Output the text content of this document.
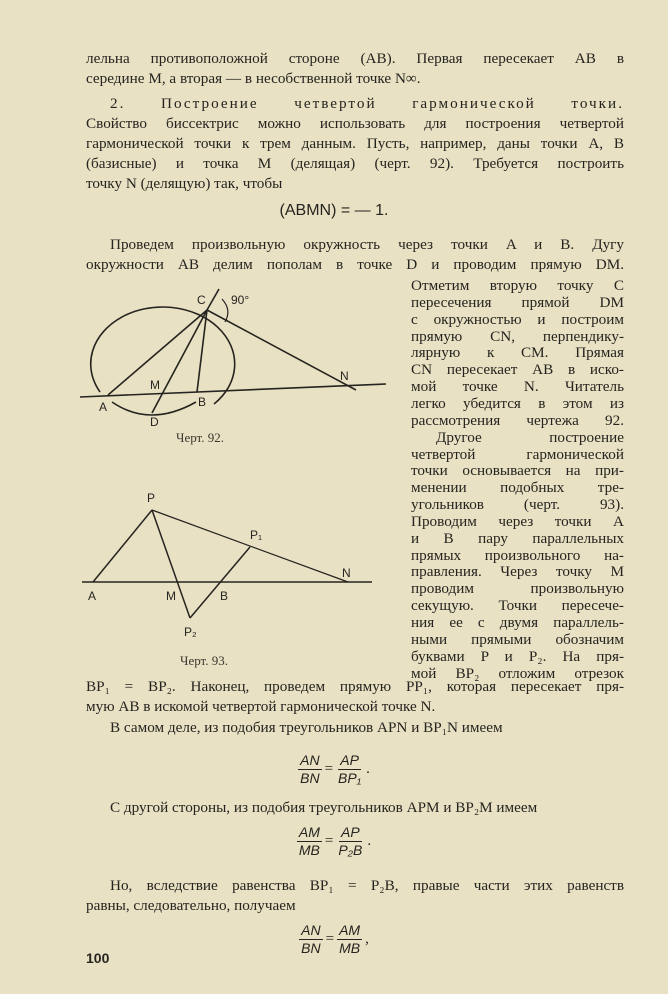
лельна противоположной стороне (AB). Первая пересекает AB в
середине M, а вторая — в несобственной точке N∞.
2. Построение четвертой гармонической точки.
Свойство биссектрис можно использовать для построения четвертой
гармонической точки к трем данным. Пусть, например, даны точки A, B
(базисные) и точка M (делящая) (черт. 92). Требуется построить
точку N (делящую) так, чтобы
(ABMN) = — 1.
Проведем произвольную окружность через точки A и B. Дугу
окружности AB делим пополам в точке D и проводим прямую DM.
Отметим вторую точку C
пересечения прямой DM
с окружностью и построим
прямую CN, перпендику-
лярную к CM. Прямая
CN пересекает AB в иско-
мой точке N. Читатель
легко убедится в этом из
рассмотрения чертежа 92.
Другое построение
четвертой гармонической
точки основывается на при-
менении подобных тре-
угольников (черт. 93).
Проводим через точки A
и B пару параллельных
прямых произвольного на-
правления. Через точку M
проводим произвольную
секущую. Точки пересече-
ния ее с двумя параллель-
ными прямыми обозначим
буквами P и P₂. На пря-
мой BP₂ отложим отрезок
C 90°
A
M
B
D
N
P
P₁
A	M	B
N
P₂
Черт. 92.
Черт. 93.
BP₁ = BP₂. Наконец, проведем прямую PP₁, которая пересекает пря-
мую AB в искомой четвертой гармонической точке N.
В самом деле, из подобия треугольников APN и BP₁N имеем
$\frac{AN}{BN} = \frac{AP}{\text{BP₁}}$ .
С другой стороны, из подобия треугольников APM и BP₂M имеем
$\frac{AM}{MB} = \frac{AP}{\text{P₂B}}$ .
Но, вследствие равенства BP₁ = P₂B, правые части этих равенств
равны, следовательно, получаем
$\frac{AN}{BN} = \frac{AM}{MB}$ ,
100
